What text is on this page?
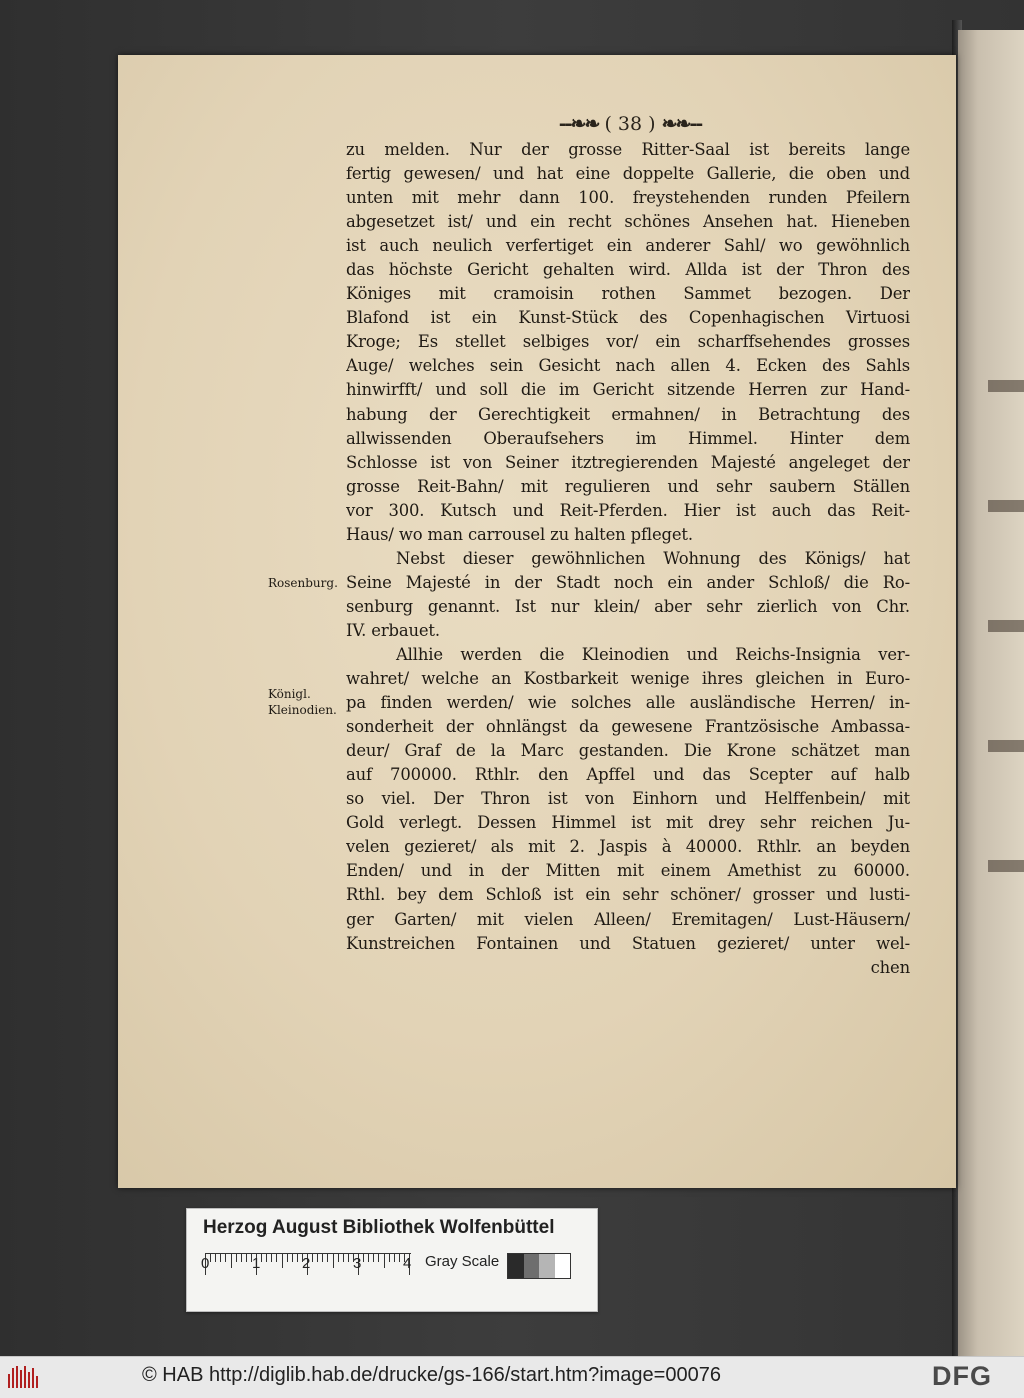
--❧❧ ( 38 ) ❧❧--
zu melden. Nur der grosse Ritter-Saal ist bereits lange
fertig gewesen/ und hat eine doppelte Gallerie, die oben und
unten mit mehr dann 100. freystehenden runden Pfeilern
abgesetzet ist/ und ein recht schönes Ansehen hat. Hieneben
ist auch neulich verfertiget ein anderer Sahl/ wo gewöhnlich
das höchste Gericht gehalten wird. Allda ist der Thron des
Königes mit cramoisin rothen Sammet bezogen. Der
Blafond ist ein Kunst-Stück des Copenhagischen Virtuosi
Kroge; Es stellet selbiges vor/ ein scharffsehendes grosses
Auge/ welches sein Gesicht nach allen 4. Ecken des Sahls
hinwirfft/ und soll die im Gericht sitzende Herren zur Hand-
habung der Gerechtigkeit ermahnen/ in Betrachtung des
allwissenden Oberaufsehers im Himmel. Hinter dem
Schlosse ist von Seiner itztregierenden Majesté angeleget der
grosse Reit-Bahn/ mit regulieren und sehr saubern Ställen
vor 300. Kutsch und Reit-Pferden. Hier ist auch das Reit-
Haus/ wo man carrousel zu halten pfleget.
Nebst dieser gewöhnlichen Wohnung des Königs/ hat
Seine Majesté in der Stadt noch ein ander Schloß/ die Ro-
senburg genannt. Ist nur klein/ aber sehr zierlich von Chr.
IV. erbauet.
Allhie werden die Kleinodien und Reichs-Insignia ver-
wahret/ welche an Kostbarkeit wenige ihres gleichen in Euro-
pa finden werden/ wie solches alle ausländische Herren/ in-
sonderheit der ohnlängst da gewesene Frantzösische Ambassa-
deur/ Graf de la Marc gestanden. Die Krone schätzet man
auf 700000. Rthlr. den Apffel und das Scepter auf halb
so viel. Der Thron ist von Einhorn und Helffenbein/ mit
Gold verlegt. Dessen Himmel ist mit drey sehr reichen Ju-
velen gezieret/ als mit 2. Jaspis à 40000. Rthlr. an beyden
Enden/ und in der Mitten mit einem Amethist zu 60000.
Rthl. bey dem Schloß ist ein sehr schöner/ grosser und lusti-
ger Garten/ mit vielen Alleen/ Eremitagen/ Lust-Häusern/
Kunstreichen Fontainen und Statuen gezieret/ unter wel-
chen
Rosenburg.
Königl.
Kleinodien.
Herzog August Bibliothek Wolfenbüttel
0	1	2	3	4 Gray Scale
© HAB http://diglib.hab.de/drucke/gs-166/start.htm?image=00076	DFG
